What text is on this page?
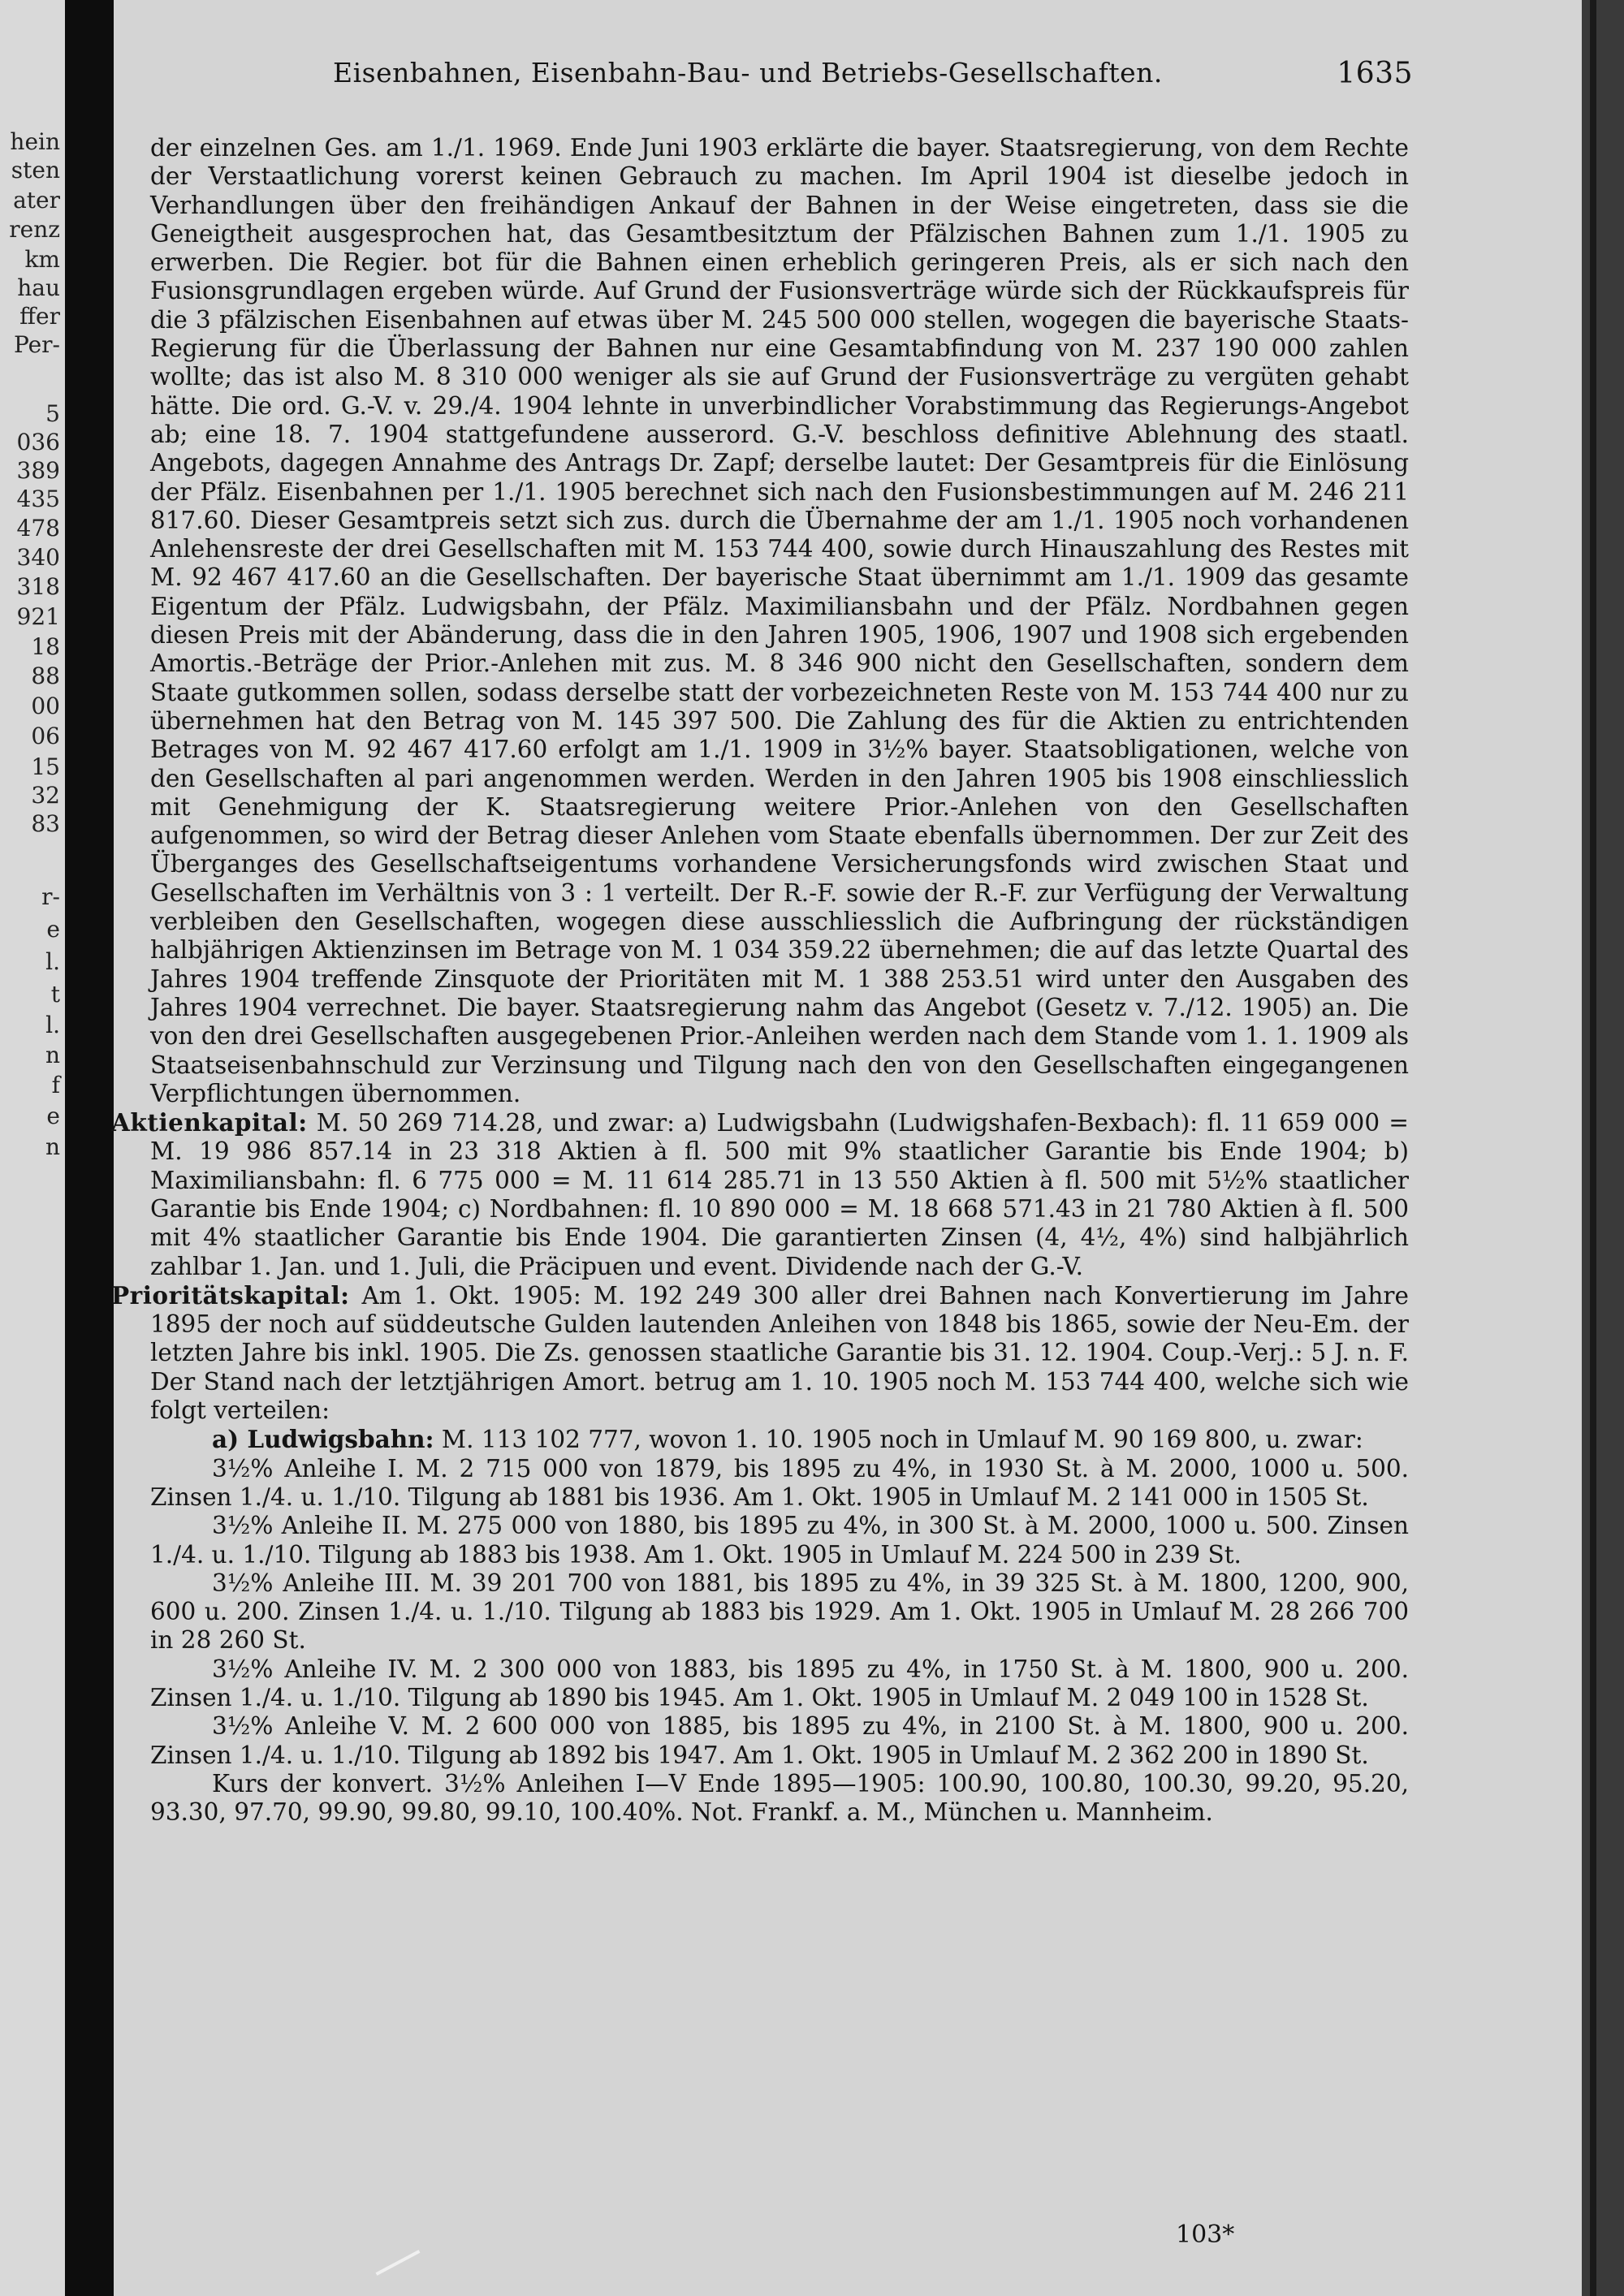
hein
sten
ater
renz
km
hau
ffer
Per-
5
036
389
435
478
340
318
921
18
88
00
06
15
32
83
r-
e
l.
t
l.
n
f
e
n
Eisenbahnen, Eisenbahn-Bau- und Betriebs-Gesellschaften.	1635

der einzelnen Ges. am 1./1. 1969. Ende Juni 1903 erklärte die bayer. Staatsregierung, von dem Rechte der Verstaatlichung vorerst keinen Gebrauch zu machen. Im April 1904 ist dieselbe jedoch in Verhandlungen über den freihändigen Ankauf der Bahnen in der Weise eingetreten, dass sie die Geneigtheit ausgesprochen hat, das Gesamtbesitztum der Pfälzischen Bahnen zum 1./1. 1905 zu erwerben. Die Regier. bot für die Bahnen einen erheblich geringeren Preis, als er sich nach den Fusionsgrundlagen ergeben würde. Auf Grund der Fusionsverträge würde sich der Rückkaufspreis für die 3 pfälzischen Eisenbahnen auf etwas über M. 245 500 000 stellen, wogegen die bayerische Staats-Regierung für die Überlassung der Bahnen nur eine Gesamtabfindung von M. 237 190 000 zahlen wollte; das ist also M. 8 310 000 weniger als sie auf Grund der Fusionsverträge zu vergüten gehabt hätte. Die ord. G.-V. v. 29./4. 1904 lehnte in unverbindlicher Vorabstimmung das Regierungs-Angebot ab; eine 18. 7. 1904 stattgefundene ausserord. G.-V. beschloss definitive Ablehnung des staatl. Angebots, dagegen Annahme des Antrags Dr. Zapf; derselbe lautet: Der Gesamtpreis für die Einlösung der Pfälz. Eisenbahnen per 1./1. 1905 berechnet sich nach den Fusionsbestimmungen auf M. 246 211 817.60. Dieser Gesamtpreis setzt sich zus. durch die Übernahme der am 1./1. 1905 noch vorhandenen Anlehensreste der drei Gesellschaften mit M. 153 744 400, sowie durch Hinauszahlung des Restes mit M. 92 467 417.60 an die Gesellschaften. Der bayerische Staat übernimmt am 1./1. 1909 das gesamte Eigentum der Pfälz. Ludwigsbahn, der Pfälz. Maximiliansbahn und der Pfälz. Nordbahnen gegen diesen Preis mit der Abänderung, dass die in den Jahren 1905, 1906, 1907 und 1908 sich ergebenden Amortis.-Beträge der Prior.-Anlehen mit zus. M. 8 346 900 nicht den Gesellschaften, sondern dem Staate gutkommen sollen, sodass derselbe statt der vorbezeichneten Reste von M. 153 744 400 nur zu übernehmen hat den Betrag von M. 145 397 500. Die Zahlung des für die Aktien zu entrichtenden Betrages von M. 92 467 417.60 erfolgt am 1./1. 1909 in 3½% bayer. Staatsobligationen, welche von den Gesellschaften al pari angenommen werden. Werden in den Jahren 1905 bis 1908 einschliesslich mit Genehmigung der K. Staatsregierung weitere Prior.-Anlehen von den Gesellschaften aufgenommen, so wird der Betrag dieser Anlehen vom Staate ebenfalls übernommen. Der zur Zeit des Überganges des Gesellschaftseigentums vorhandene Versicherungsfonds wird zwischen Staat und Gesellschaften im Verhältnis von 3 : 1 verteilt. Der R.-F. sowie der R.-F. zur Verfügung der Verwaltung verbleiben den Gesellschaften, wogegen diese ausschliesslich die Aufbringung der rückständigen halbjährigen Aktienzinsen im Betrage von M. 1 034 359.22 übernehmen; die auf das letzte Quartal des Jahres 1904 treffende Zinsquote der Prioritäten mit M. 1 388 253.51 wird unter den Ausgaben des Jahres 1904 verrechnet. Die bayer. Staatsregierung nahm das Angebot (Gesetz v. 7./12. 1905) an. Die von den drei Gesellschaften ausgegebenen Prior.-Anleihen werden nach dem Stande vom 1. 1. 1909 als Staatseisenbahnschuld zur Verzinsung und Tilgung nach den von den Gesellschaften eingegangenen Verpflichtungen übernommen.

Aktienkapital: M. 50 269 714.28, und zwar: a) Ludwigsbahn (Ludwigshafen-Bexbach): fl. 11 659 000 = M. 19 986 857.14 in 23 318 Aktien à fl. 500 mit 9% staatlicher Garantie bis Ende 1904; b) Maximiliansbahn: fl. 6 775 000 = M. 11 614 285.71 in 13 550 Aktien à fl. 500 mit 5½% staatlicher Garantie bis Ende 1904; c) Nordbahnen: fl. 10 890 000 = M. 18 668 571.43 in 21 780 Aktien à fl. 500 mit 4% staatlicher Garantie bis Ende 1904. Die garantierten Zinsen (4, 4½, 4%) sind halbjährlich zahlbar 1. Jan. und 1. Juli, die Präcipuen und event. Dividende nach der G.-V.

Prioritätskapital: Am 1. Okt. 1905: M. 192 249 300 aller drei Bahnen nach Konvertierung im Jahre 1895 der noch auf süddeutsche Gulden lautenden Anleihen von 1848 bis 1865, sowie der Neu-Em. der letzten Jahre bis inkl. 1905. Die Zs. genossen staatliche Garantie bis 31. 12. 1904. Coup.-Verj.: 5 J. n. F. Der Stand nach der letztjährigen Amort. betrug am 1. 10. 1905 noch M. 153 744 400, welche sich wie folgt verteilen:

a) Ludwigsbahn: M. 113 102 777, wovon 1. 10. 1905 noch in Umlauf M. 90 169 800, u. zwar:

3½% Anleihe I. M. 2 715 000 von 1879, bis 1895 zu 4%, in 1930 St. à M. 2000, 1000 u. 500. Zinsen 1./4. u. 1./10. Tilgung ab 1881 bis 1936. Am 1. Okt. 1905 in Umlauf M. 2 141 000 in 1505 St.

3½% Anleihe II. M. 275 000 von 1880, bis 1895 zu 4%, in 300 St. à M. 2000, 1000 u. 500. Zinsen 1./4. u. 1./10. Tilgung ab 1883 bis 1938. Am 1. Okt. 1905 in Umlauf M. 224 500 in 239 St.

3½% Anleihe III. M. 39 201 700 von 1881, bis 1895 zu 4%, in 39 325 St. à M. 1800, 1200, 900, 600 u. 200. Zinsen 1./4. u. 1./10. Tilgung ab 1883 bis 1929. Am 1. Okt. 1905 in Umlauf M. 28 266 700 in 28 260 St.

3½% Anleihe IV. M. 2 300 000 von 1883, bis 1895 zu 4%, in 1750 St. à M. 1800, 900 u. 200. Zinsen 1./4. u. 1./10. Tilgung ab 1890 bis 1945. Am 1. Okt. 1905 in Umlauf M. 2 049 100 in 1528 St.

3½% Anleihe V. M. 2 600 000 von 1885, bis 1895 zu 4%, in 2100 St. à M. 1800, 900 u. 200. Zinsen 1./4. u. 1./10. Tilgung ab 1892 bis 1947. Am 1. Okt. 1905 in Umlauf M. 2 362 200 in 1890 St.

Kurs der konvert. 3½% Anleihen I—V Ende 1895—1905: 100.90, 100.80, 100.30, 99.20, 95.20, 93.30, 97.70, 99.90, 99.80, 99.10, 100.40%. Not. Frankf. a. M., München u. Mannheim.

103*
